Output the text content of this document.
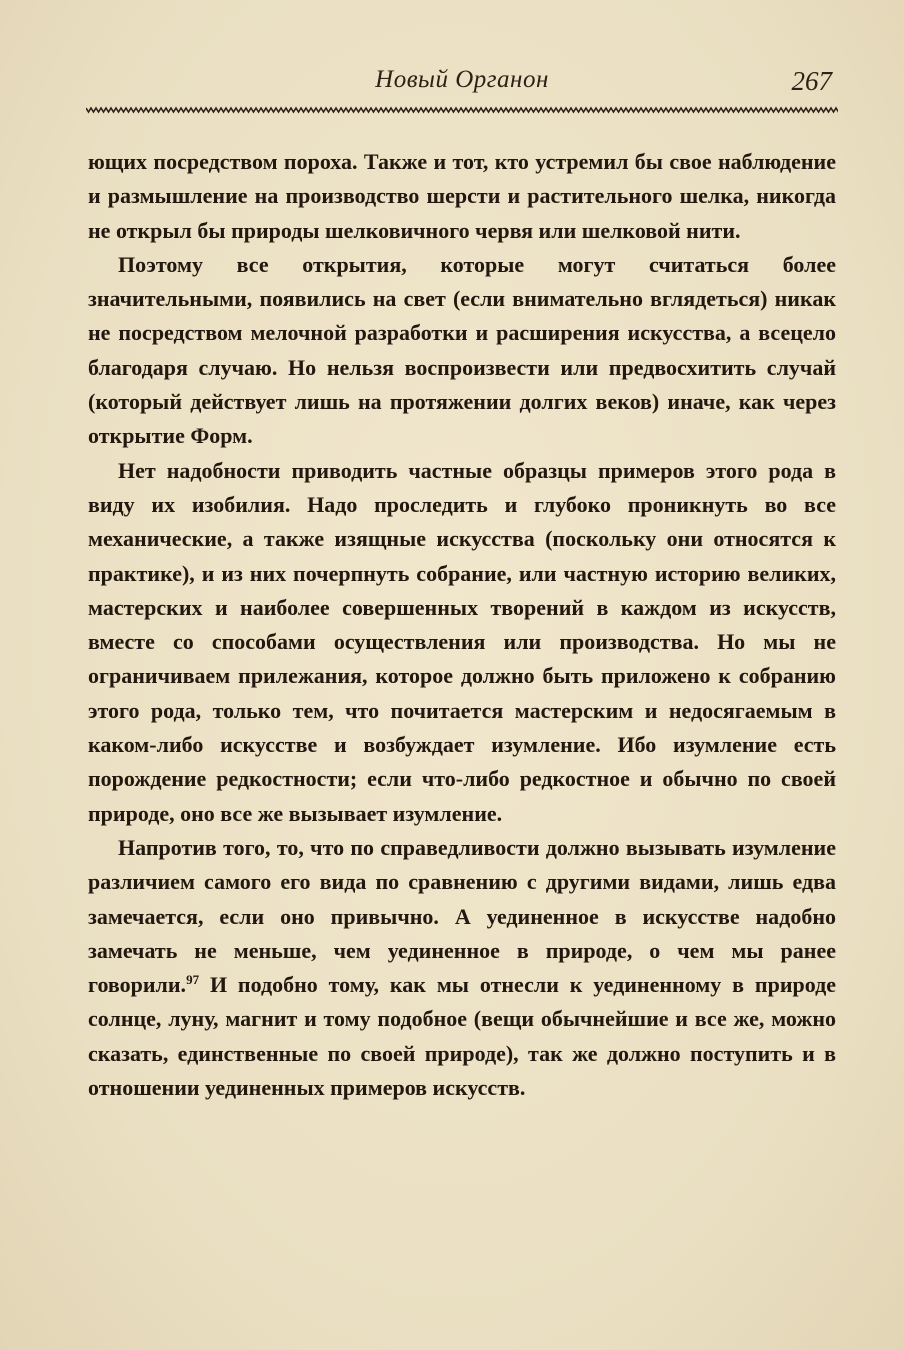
Новый Органон	267

ющих посредством пороха. Также и тот, кто устремил бы свое наблюдение и размышление на производство шерсти и растительного шелка, никогда не открыл бы природы шелковичного червя или шелковой нити.

Поэтому все открытия, которые могут считаться более значительными, появились на свет (если внимательно вглядеться) никак не посредством мелочной разработки и расширения искусства, а всецело благодаря случаю. Но нельзя воспроизвести или предвосхитить случай (который действует лишь на протяжении долгих веков) иначе, как через открытие Форм.

Нет надобности приводить частные образцы примеров этого рода в виду их изобилия. Надо проследить и глубоко проникнуть во все механические, а также изящные искусства (поскольку они относятся к практике), и из них почерпнуть собрание, или частную историю великих, мастерских и наиболее совершенных творений в каждом из искусств, вместе со способами осуществления или производства. Но мы не ограничиваем прилежания, которое должно быть приложено к собранию этого рода, только тем, что почитается мастерским и недосягаемым в каком-либо искусстве и возбуждает изумление. Ибо изумление есть порождение редкостности; если что-либо редкостное и обычно по своей природе, оно все же вызывает изумление.

Напротив того, то, что по справедливости должно вызывать изумление различием самого его вида по сравнению с другими видами, лишь едва замечается, если оно привычно. А уединенное в искусстве надобно замечать не меньше, чем уединенное в природе, о чем мы ранее говорили.$^{97}$ И подобно тому, как мы отнесли к уединенному в природе солнце, луну, магнит и тому подобное (вещи обычнейшие и все же, можно сказать, единственные по своей природе), так же должно поступить и в отношении уединенных примеров искусств.
